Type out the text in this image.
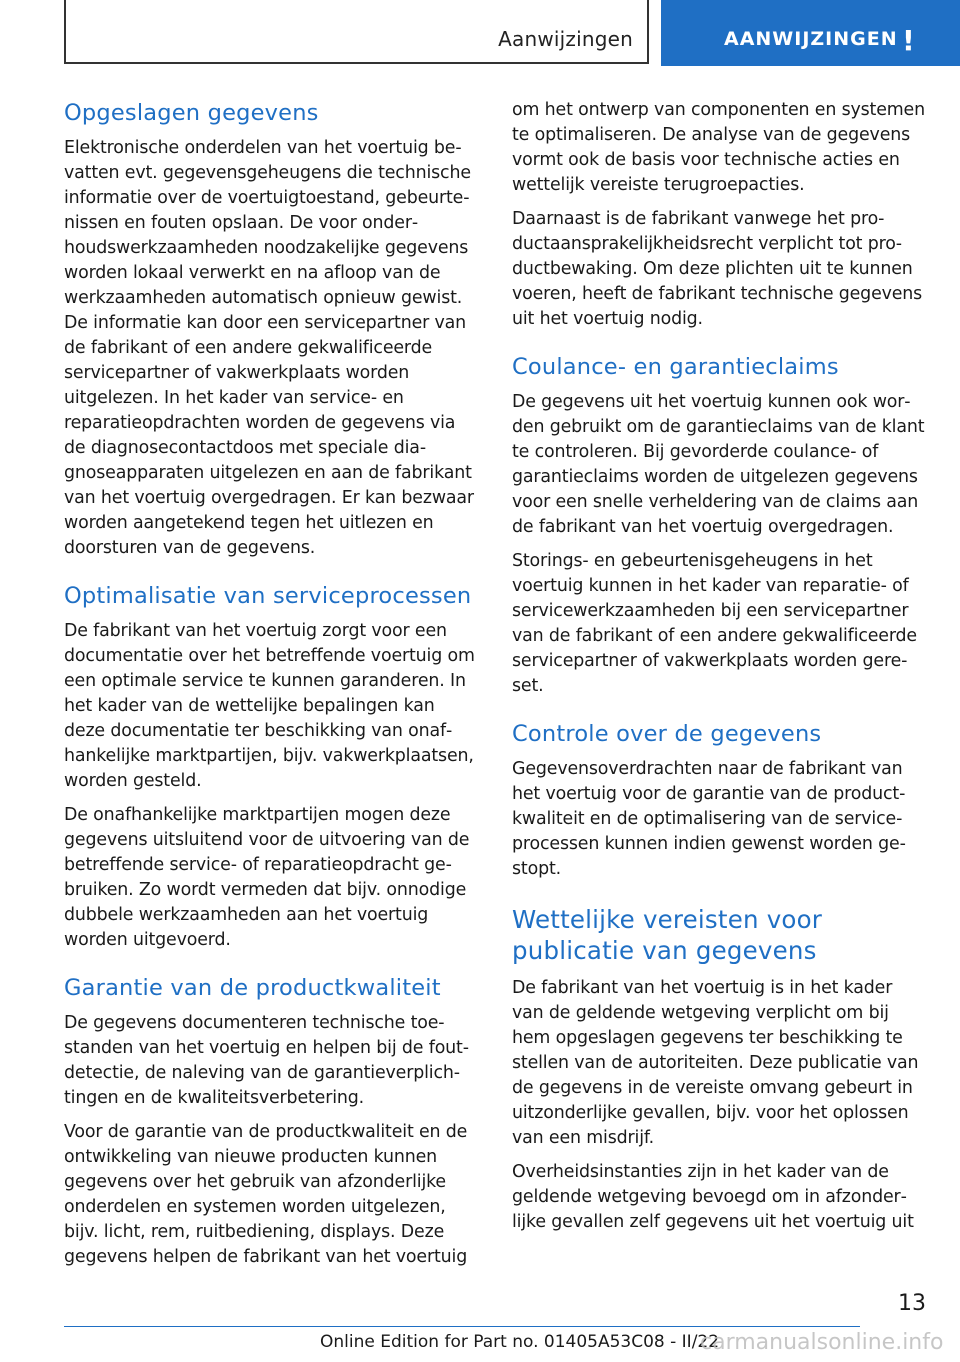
Aanwijzingen	AANWIJZINGEN !
Opgeslagen gegevens

Elektronische onderdelen van het voertuig bevatten evt. gegevensgeheugens die technische informatie over de voertuigtoestand, gebeurtenissen en fouten opslaan. De voor onderhoudswerkzaamheden noodzakelijke gegevens worden lokaal verwerkt en na afloop van de werkzaamheden automatisch opnieuw gewist. De informatie kan door een servicepartner van de fabrikant of een andere gekwalificeerde servicepartner of vakwerkplaats worden uitgelezen. In het kader van service- en reparatieopdrachten worden de gegevens via de diagnosecontactdoos met speciale diagnoseapparaten uitgelezen en aan de fabrikant van het voertuig overgedragen. Er kan bezwaar worden aangetekend tegen het uitlezen en doorsturen van de gegevens.

Optimalisatie van serviceprocessen

De fabrikant van het voertuig zorgt voor een documentatie over het betreffende voertuig om een optimale service te kunnen garanderen. In het kader van de wettelijke bepalingen kan deze documentatie ter beschikking van onafhankelijke marktpartijen, bijv. vakwerkplaatsen, worden gesteld.

De onafhankelijke marktpartijen mogen deze gegevens uitsluitend voor de uitvoering van de betreffende service- of reparatieopdracht gebruiken. Zo wordt vermeden dat bijv. onnodige dubbele werkzaamheden aan het voertuig worden uitgevoerd.

Garantie van de productkwaliteit

De gegevens documenteren technische toestanden van het voertuig en helpen bij de foutdetectie, de naleving van de garantieverplichtingen en de kwaliteitsverbetering.

Voor de garantie van de productkwaliteit en de ontwikkeling van nieuwe producten kunnen gegevens over het gebruik van afzonderlijke onderdelen en systemen worden uitgelezen, bijv. licht, rem, ruitbediening, displays. Deze gegevens helpen de fabrikant van het voertuig

om het ontwerp van componenten en systemen te optimaliseren. De analyse van de gegevens vormt ook de basis voor technische acties en wettelijk vereiste terugroepacties.

Daarnaast is de fabrikant vanwege het productaansprakelijkheidsrecht verplicht tot productbewaking. Om deze plichten uit te kunnen voeren, heeft de fabrikant technische gegevens uit het voertuig nodig.

Coulance- en garantieclaims

De gegevens uit het voertuig kunnen ook worden gebruikt om de garantieclaims van de klant te controleren. Bij gevorderde coulance- of garantieclaims worden de uitgelezen gegevens voor een snelle verheldering van de claims aan de fabrikant van het voertuig overgedragen.

Storings- en gebeurtenisgeheugens in het voertuig kunnen in het kader van reparatie- of servicewerkzaamheden bij een servicepartner van de fabrikant of een andere gekwalificeerde servicepartner of vakwerkplaats worden gereset.

Controle over de gegevens

Gegevensoverdrachten naar de fabrikant van het voertuig voor de garantie van de productkwaliteit en de optimalisering van de serviceprocessen kunnen indien gewenst worden gestopt.

Wettelijke vereisten voor publicatie van gegevens

De fabrikant van het voertuig is in het kader van de geldende wetgeving verplicht om bij hem opgeslagen gegevens ter beschikking te stellen van de autoriteiten. Deze publicatie van de gegevens in de vereiste omvang gebeurt in uitzonderlijke gevallen, bijv. voor het oplossen van een misdrijf.

Overheidsinstanties zijn in het kader van de geldende wetgeving bevoegd om in afzonderlijke gevallen zelf gegevens uit het voertuig uit

13
Online Edition for Part no. 01405A53C08 - II/22
carmanualsonline.info
